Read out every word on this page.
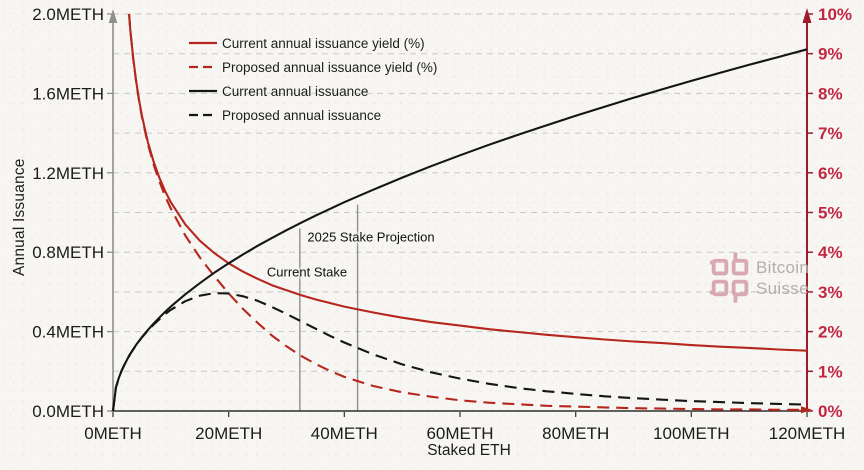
0METH	20METH	40METH	60METH	80METH	100METH 120METH
0.0METH
0.4METH
0.8METH
1.2METH
1.6METH
2.0METH
0%
1%
2%
3%
4%
5%
6%
7%
8%
9%
10%
Annual Issuance
Staked ETH
Current annual issuance yield (%)
Proposed annual issuance yield (%)
Current annual issuance
Proposed annual issuance
Current Stake
2025 Stake Projection
Bitcoin
Suisse
